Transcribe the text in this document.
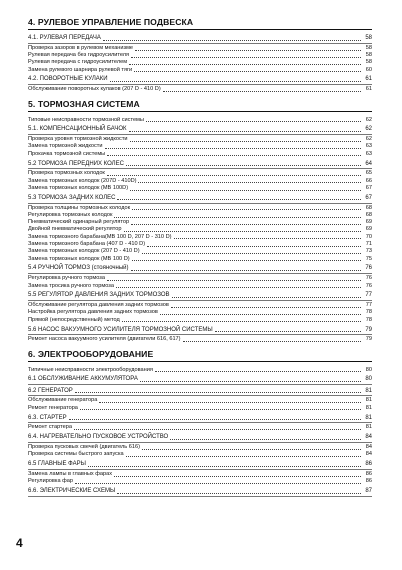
4. РУЛЕВОЕ УПРАВЛЕНИЕ ПОДВЕСКА
4.1. РУЛЕВАЯ ПЕРЕДАЧА	58
Проверка зазоров в рулевом механизме	58
Рулевая передача без гидроусилителя	58
Рулевая передача с гидроусилителем	58
Замена рулевого шарнира рулевой тяги	60
4.2. ПОВОРОТНЫЕ КУЛАКИ	61
Обслуживание поворотных кулаков (207 D - 410 D)	61
5. ТОРМОЗНАЯ СИСТЕМА
Типовые неисправности тормозной системы	62
5.1. КОМПЕНСАЦИОННЫЙ БАЧОК	62
Проверка уровня тормозной жидкости	62
Замена тормозной жидкости	63
Прокачка тормозной системы	63
5.2 ТОРМОЗА ПЕРЕДНИХ КОЛЕС	64
Проверка тормозных колодок	65
Замена тормозных колодок (207D - 410D)	66
Замена тормозных колодок (MB 100D)	67
5.3 ТОРМОЗА ЗАДНИХ КОЛЕС	67
Проверка толщины тормозных колодок	68
Регулировка тормозных колодок	68
Пневматический одинарный регулятор	69
Двойной пневматический регулятор	69
Замена тормозного барабана(MB 100 D, 207 D - 310 D)	70
Замена тормозного барабана (407 D - 410 D)	71
Замена тормозных колодок (207 D - 410 D)	73
Замена тормозных колодок (MB 100 D)	75
5.4 РУЧНОЙ ТОРМОЗ (стояночный)	76
Регулировка ручного тормоза	76
Замена тросика ручного тормоза	76
5.5 РЕГУЛЯТОР ДАВЛЕНИЯ ЗАДНИХ ТОРМОЗОВ	77
Обслуживание регулятора давления задних тормозов	77
Настройка регулятора давления задних тормозов	78
Прямой (непосредственный) метод	78
5.6 НАСОС ВАКУУМНОГО УСИЛИТЕЛЯ ТОРМОЗНОЙ СИСТЕМЫ	79
Ремонт насоса вакуумного усилителя (двигатели 616, 617)	79
6. ЭЛЕКТРООБОРУДОВАНИЕ
Типичные неисправности электрооборудования	80
6.1 ОБСЛУЖИВАНИЕ АККУМУЛЯТОРА	80
6.2 ГЕНЕРАТОР	81
Обслуживание генератора	81
Ремонт генератора	81
6.3. СТАРТЕР	81
Ремонт стартера	81
6.4. НАГРЕВАТЕЛЬНО ПУСКОВОЕ УСТРОЙСТВО	84
Проверка пусковых свечей (двигатель 616)	84
Проверка системы быстрого запуска	84
6.5 ГЛАВНЫЕ ФАРЫ	86
Замена лампы в главных фарах	86
Регулировка фар	86
6.6. ЭЛЕКТРИЧЕСКИЕ СХЕМЫ	87
4
